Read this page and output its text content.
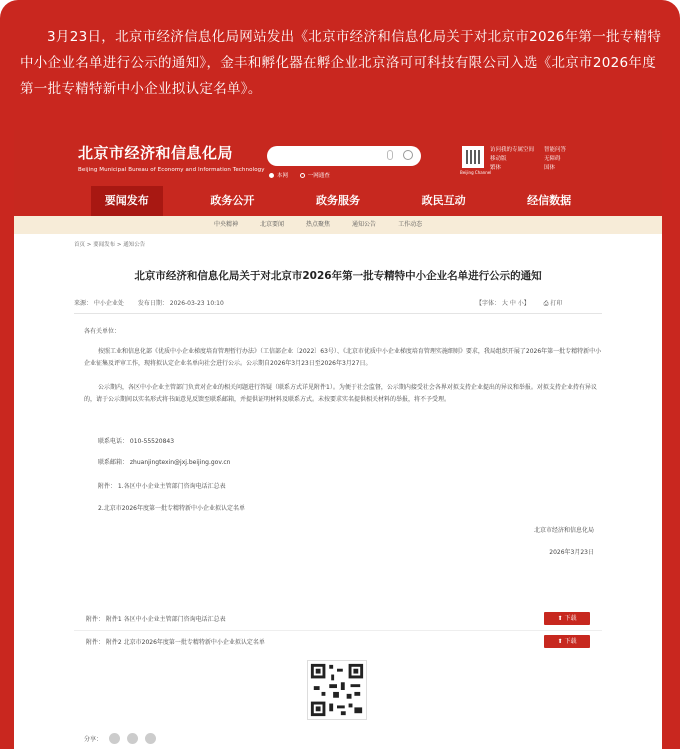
3月23日，北京市经济信息化局网站发出《北京市经济和信息化局关于对北京市2026年第一批专精特中小企业名单进行公示的通知》，金丰和孵化器在孵企业北京洛可可科技有限公司入选《北京市2026年度第一批专精特新中小企业拟认定名单》。

北京市经济和信息化局
Beijing Municipal Bureau of Economy and Information Technology
本网	一网通查
Beijing Channel
访问我的专属空间	智能问答
移动版	无障碍
繁体	国体
要闻发布	政务公开	政务服务	政民互动	经信数据
中央精神	北京要闻	热点聚焦	通知公告	工作动态
首页 > 要闻发布 > 通知公告
北京市经济和信息化局关于对北京市2026年第一批专精特中小企业名单进行公示的通知
来源： 中小企业处 发布日期： 2026-03-23 10:10	【字体： 大 中 小】 ⎙ 打印
各有关单位：
按照工业和信息化部《优质中小企业梯度培育管理暂行办法》（工信部企业〔2022〕63号）、《北京市优质中小企业梯度培育管理实施细则》要求，我局组织开展了2026年第一批专精特新中小企业征集及评审工作，现将拟认定企业名单向社会进行公示。公示期自2026年3月23日至2026年3月27日。
公示期内，各区中小企业主管部门负责对企业的相关问题进行答疑（联系方式详见附件1）。为便于社会监督，公示期内接受社会各界对拟支持企业提出的异议和举报。对拟支持企业持有异议的，请于公示期间以实名形式将书面意见反馈至联系邮箱，并提供证明材料及联系方式。未按要求实名提供相关材料的举报，将不予受理。
联系电话： 010-55520843
联系邮箱： zhuanjingtexin@jxj.beijing.gov.cn
附件： 1.各区中小企业主管部门咨询电话汇总表
2.北京市2026年度第一批专精特新中小企业拟认定名单
北京市经济和信息化局
2026年3月23日
附件： 附件1 各区中小企业主管部门咨询电话汇总表	⬆ 下载
附件： 附件2 北京市2026年度第一批专精特新中小企业拟认定名单	⬆ 下载
分享：
